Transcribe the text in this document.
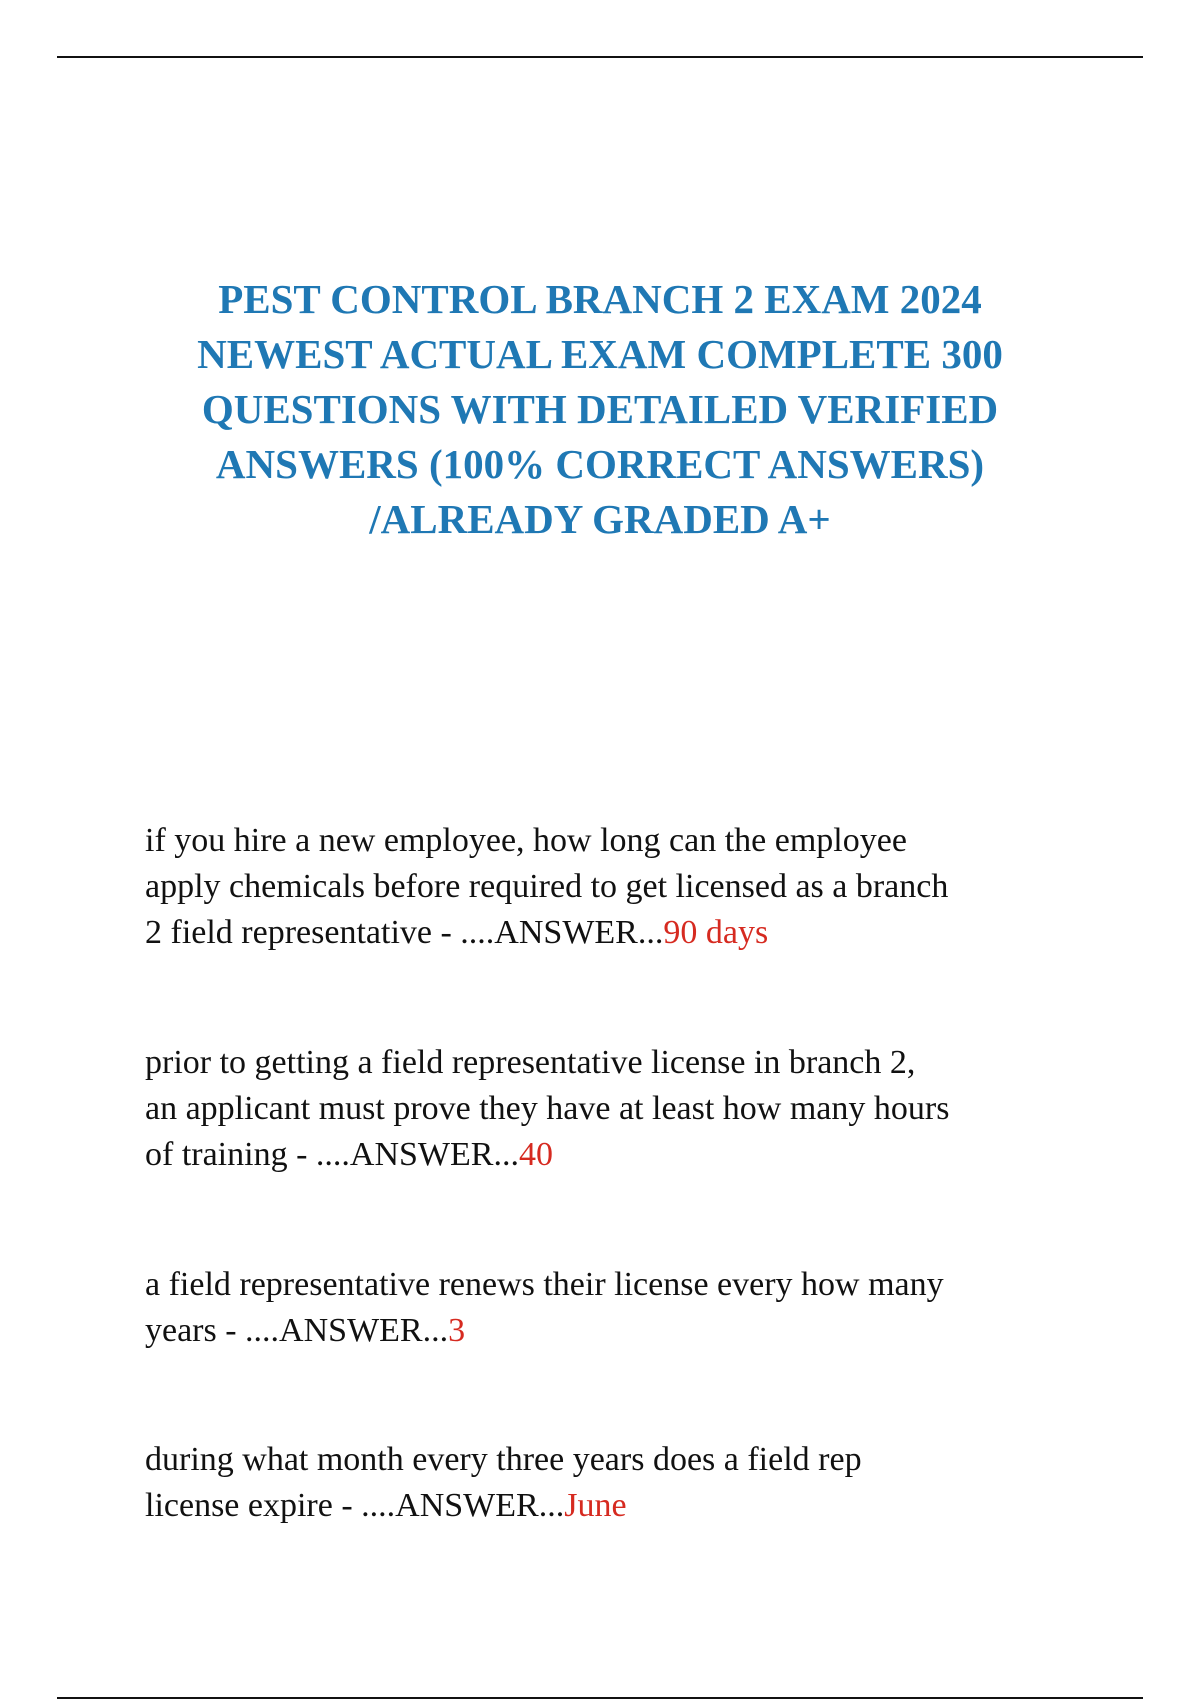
PEST CONTROL BRANCH 2 EXAM 2024
NEWEST ACTUAL EXAM COMPLETE 300
QUESTIONS WITH DETAILED VERIFIED
ANSWERS (100% CORRECT ANSWERS)
/ALREADY GRADED A+

if you hire a new employee, how long can the employee
apply chemicals before required to get licensed as a branch
2 field representative - ....ANSWER...90 days

prior to getting a field representative license in branch 2,
an applicant must prove they have at least how many hours
of training - ....ANSWER...40

a field representative renews their license every how many
years - ....ANSWER...3

during what month every three years does a field rep
license expire - ....ANSWER...June
